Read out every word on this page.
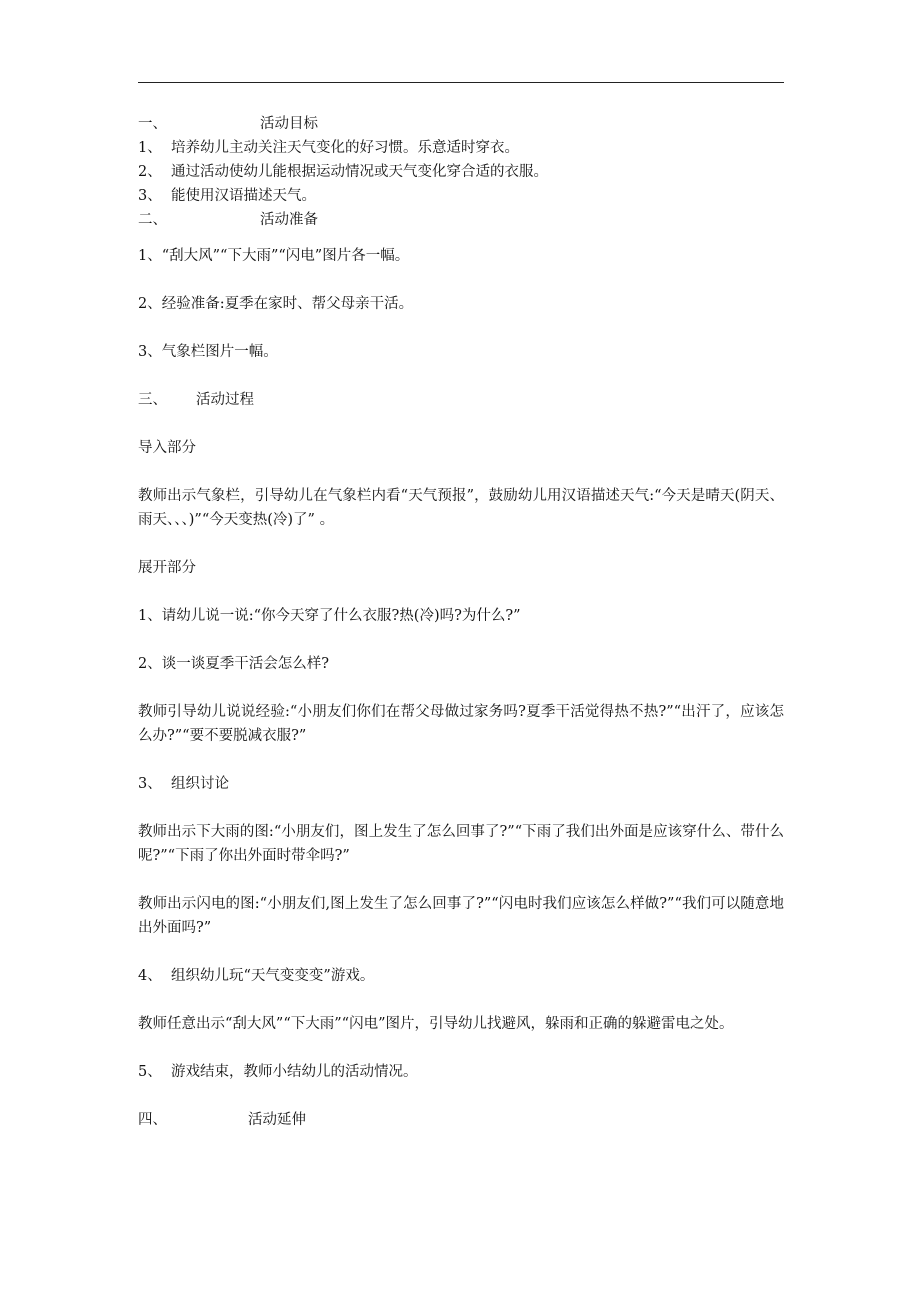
一、	活动目标
1、 培养幼儿主动关注天气变化的好习惯。乐意适时穿衣。
2、 通过活动使幼儿能根据运动情况或天气变化穿合适的衣服。
3、 能使用汉语描述天气。
二、	活动准备
1、“刮大风”“下大雨”“闪电”图片各一幅。
2、经验准备:夏季在家时、帮父母亲干活。
3、气象栏图片一幅。
三、	活动过程
导入部分
教师出示气象栏，引导幼儿在气象栏内看“天气预报”，鼓励幼儿用汉语描述天气:“今天是晴天(阴天、雨天、、、)”“今天变热(冷)了” 。
展开部分
1、请幼儿说一说:“你今天穿了什么衣服?热(冷)吗?为什么?”
2、谈一谈夏季干活会怎么样?
教师引导幼儿说说经验:“小朋友们你们在帮父母做过家务吗?夏季干活觉得热不热?”“出汗了，应该怎么办?”“要不要脱减衣服?”
3、 组织讨论
教师出示下大雨的图:“小朋友们，图上发生了怎么回事了?”“下雨了我们出外面是应该穿什么、带什么呢?”“下雨了你出外面时带伞吗?”
教师出示闪电的图:“小朋友们,图上发生了怎么回事了?”“闪电时我们应该怎么样做?”“我们可以随意地出外面吗?”
4、 组织幼儿玩“天气变变变”游戏。
教师任意出示“刮大风”“下大雨”“闪电”图片，引导幼儿找避风，躲雨和正确的躲避雷电之处。
5、 游戏结束，教师小结幼儿的活动情况。
四、	活动延伸
